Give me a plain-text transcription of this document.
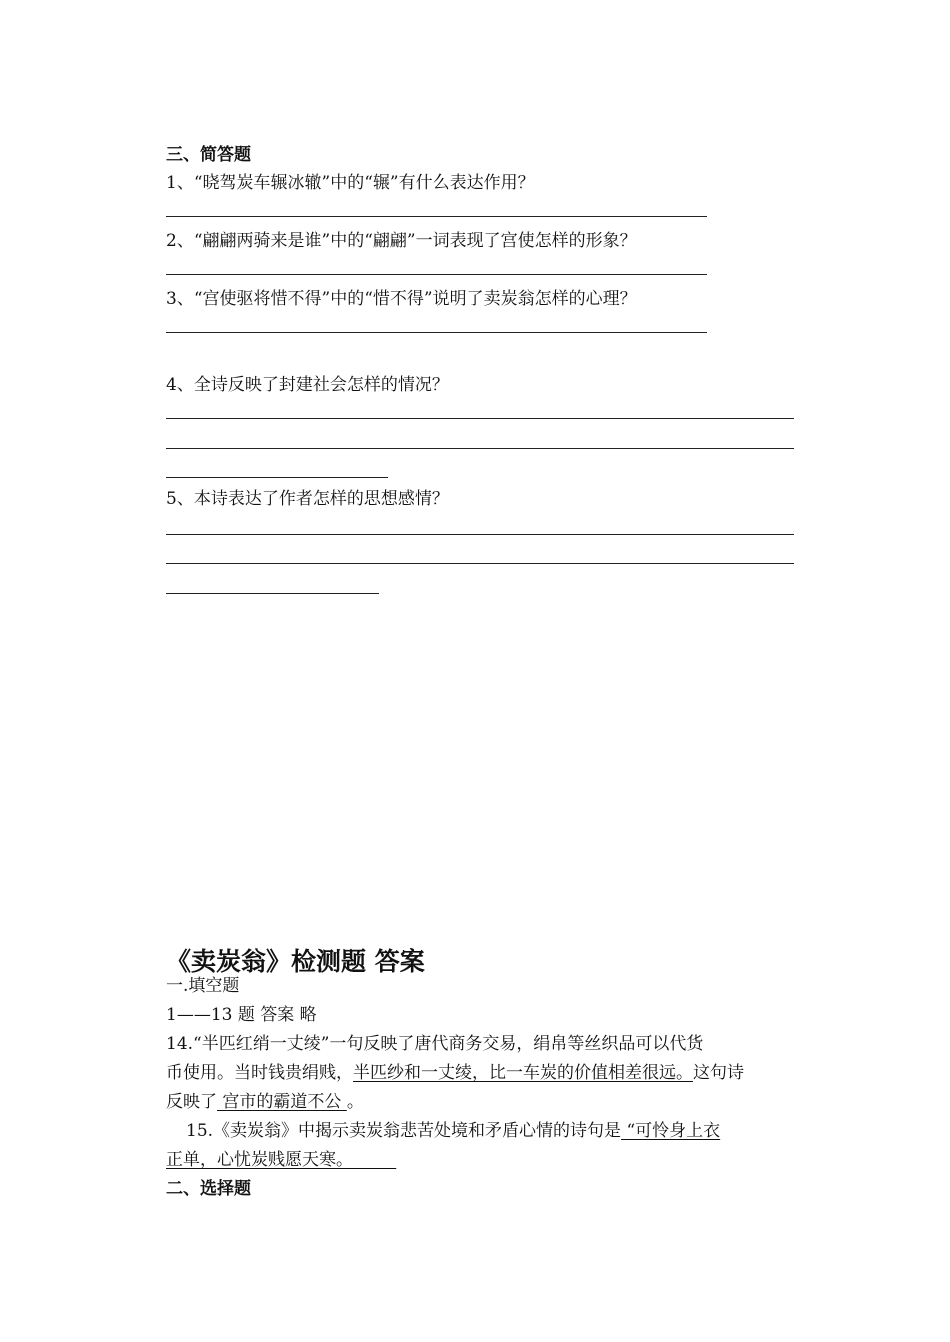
三、简答题
1、“晓驾炭车辗冰辙”中的“辗”有什么表达作用？
2、“翩翩两骑来是谁”中的“翩翩”一词表现了宫使怎样的形象？
3、“宫使驱将惜不得”中的“惜不得”说明了卖炭翁怎样的心理？
4、全诗反映了封建社会怎样的情况？
5、本诗表达了作者怎样的思想感情？
《卖炭翁》检测题 答案
一.填空题
1——13 题 答案 略
14.“半匹红绡一丈绫”一句反映了唐代商务交易，绢帛等丝织品可以代货
币使用。当时钱贵绢贱，半匹纱和一丈绫，比一车炭的价值相差很远。这句诗
反映了 宫市的霸道不公 。
15.《卖炭翁》中揭示卖炭翁悲苦处境和矛盾心情的诗句是 “可怜身上衣
正单，心忧炭贱愿天寒。
二、选择题
